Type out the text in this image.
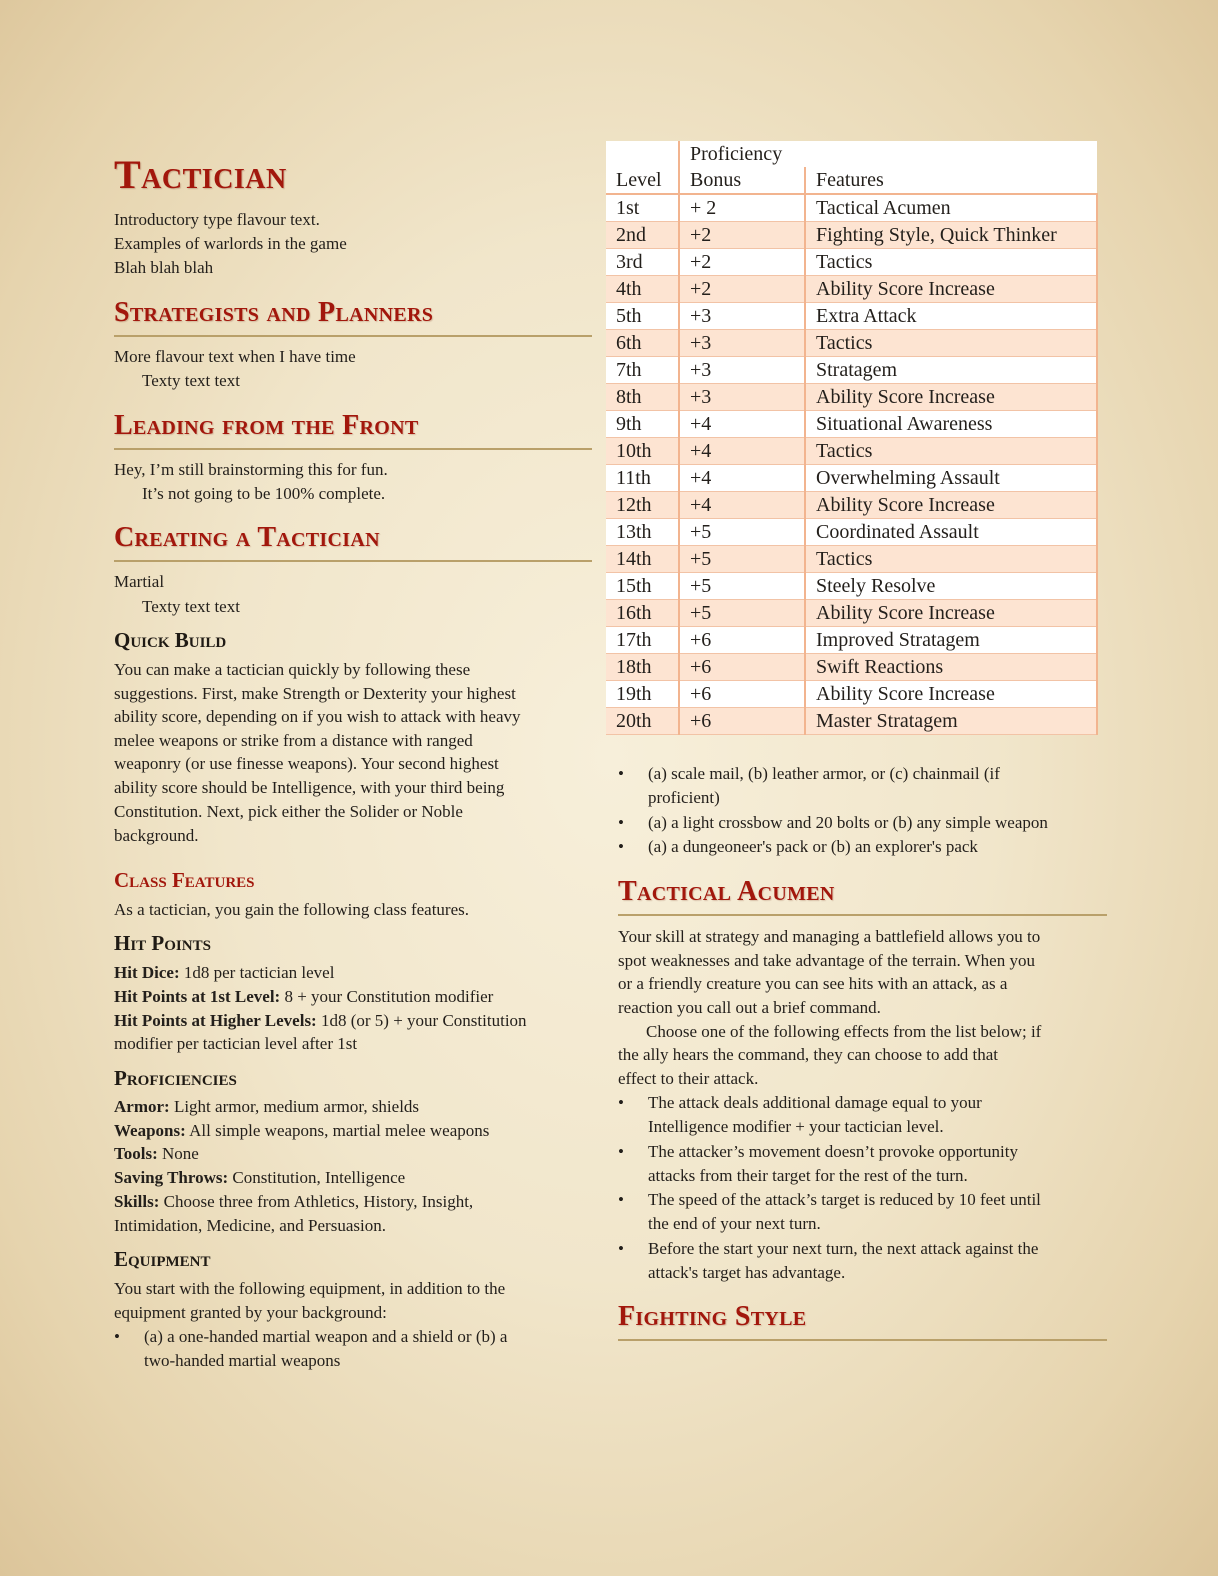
Tactician
Introductory type flavour text.
Examples of warlords in the game
Blah blah blah
Strategists and Planners
More flavour text when I have time
Texty text text
Leading from the Front
Hey, I’m still brainstorming this for fun.
It’s not going to be 100% complete.
Creating a Tactician
Martial
Texty text text
Quick Build
You can make a tactician quickly by following these
suggestions. First, make Strength or Dexterity your highest
ability score, depending on if you wish to attack with heavy
melee weapons or strike from a distance with ranged
weaponry (or use finesse weapons). Your second highest
ability score should be Intelligence, with your third being
Constitution. Next, pick either the Solider or Noble
background.
Class Features
As a tactician, you gain the following class features.
Hit Points
Hit Dice: 1d8 per tactician level
Hit Points at 1st Level: 8 + your Constitution modifier
Hit Points at Higher Levels: 1d8 (or 5) + your Constitution
modifier per tactician level after 1st
Proficiencies
Armor: Light armor, medium armor, shields
Weapons: All simple weapons, martial melee weapons
Tools: None
Saving Throws: Constitution, Intelligence
Skills: Choose three from Athletics, History, Insight,
Intimidation, Medicine, and Persuasion.
Equipment
You start with the following equipment, in addition to the
equipment granted by your background:
• (a) a one-handed martial weapon and a shield or (b) a
two-handed martial weapons
	Proficiency	
Level	Bonus	Features
1st	+ 2	Tactical Acumen
2nd	+2	Fighting Style, Quick Thinker
3rd	+2	Tactics
4th	+2	Ability Score Increase
5th	+3	Extra Attack
6th	+3	Tactics
7th	+3	Stratagem
8th	+3	Ability Score Increase
9th	+4	Situational Awareness
10th	+4	Tactics
11th	+4	Overwhelming Assault
12th	+4	Ability Score Increase
13th	+5	Coordinated Assault
14th	+5	Tactics
15th	+5	Steely Resolve
16th	+5	Ability Score Increase
17th	+6	Improved Stratagem
18th	+6	Swift Reactions
19th	+6	Ability Score Increase
20th	+6	Master Stratagem
• (a) scale mail, (b) leather armor, or (c) chainmail (if
proficient)
• (a) a light crossbow and 20 bolts or (b) any simple weapon
• (a) a dungeoneer's pack or (b) an explorer's pack
Tactical Acumen
Your skill at strategy and managing a battlefield allows you to
spot weaknesses and take advantage of the terrain. When you
or a friendly creature you can see hits with an attack, as a
reaction you call out a brief command.
Choose one of the following effects from the list below; if
the ally hears the command, they can choose to add that
effect to their attack.
• The attack deals additional damage equal to your
Intelligence modifier + your tactician level.
• The attacker’s movement doesn’t provoke opportunity
attacks from their target for the rest of the turn.
• The speed of the attack’s target is reduced by 10 feet until
the end of your next turn.
• Before the start your next turn, the next attack against the
attack's target has advantage.
Fighting Style
